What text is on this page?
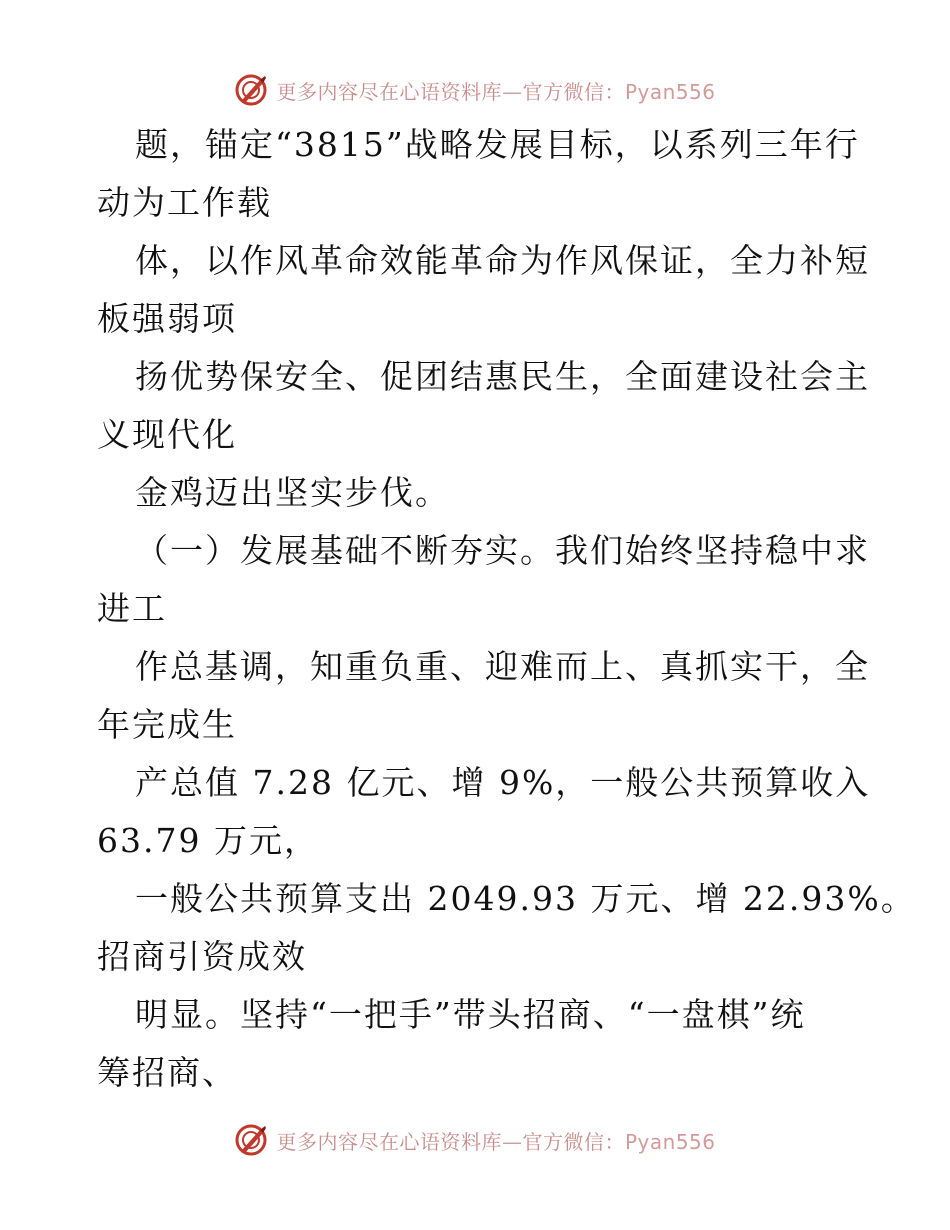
更多内容尽在心语资料库—官方微信：Pyan556

题，锚定“3815”战略发展目标，以系列三年行

动为工作载

体，以作风革命效能革命为作风保证，全力补短

板强弱项

扬优势保安全、促团结惠民生，全面建设社会主

义现代化

金鸡迈出坚实步伐。

（一）发展基础不断夯实。我们始终坚持稳中求

进工

作总基调，知重负重、迎难而上、真抓实干，全

年完成生

产总值 7.28 亿元、增 9%，一般公共预算收入

63.79 万元，

一般公共预算支出 2049.93 万元、增 22.93%。

招商引资成效

明显。坚持“一把手”带头招商、“一盘棋”统

筹招商、

更多内容尽在心语资料库—官方微信：Pyan556
